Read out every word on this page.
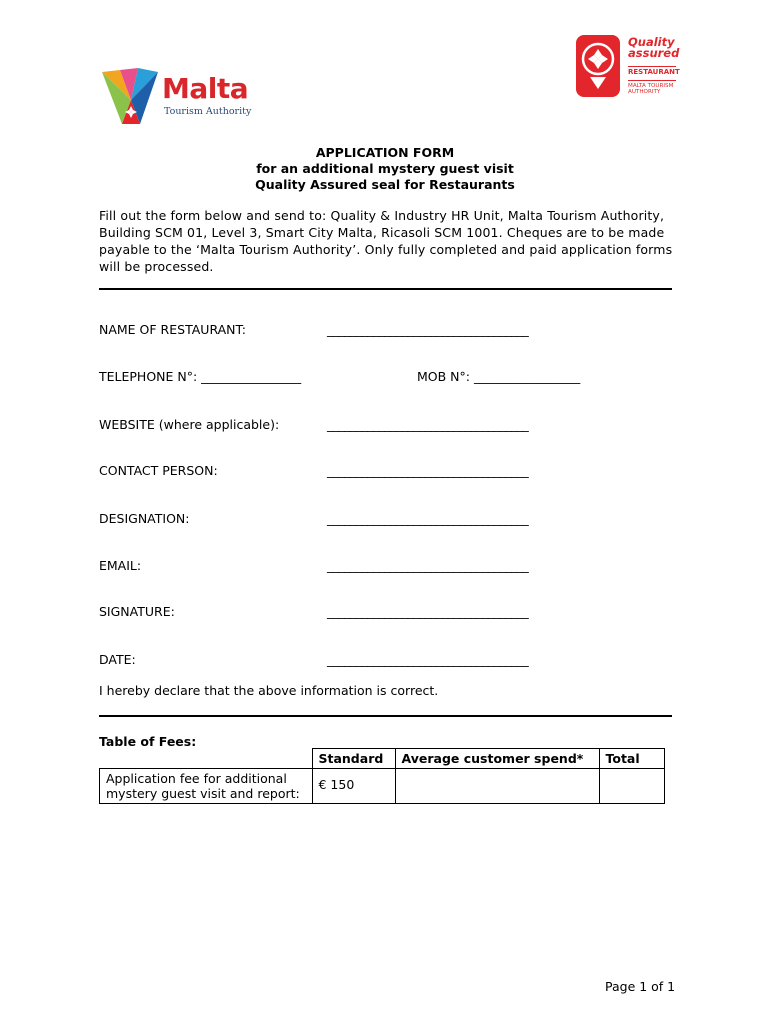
Malta
Tourism Authority
Quality
assured
RESTAURANT
MALTA TOURISM
AUTHORITY
APPLICATION FORM
for an additional mystery guest visit
Quality Assured seal for Restaurants
Fill out the form below and send to: Quality & Industry HR Unit, Malta Tourism Authority,
Building SCM 01, Level 3, Smart City Malta, Ricasoli SCM 1001. Cheques are to be made
payable to the ‘Malta Tourism Authority’. Only fully completed and paid application forms
will be processed.
NAME OF RESTAURANT:	___________________________________
TELEPHONE N°: ________________	MOB N°: _________________
WEBSITE (where applicable):	___________________________________
CONTACT PERSON:	___________________________________
DESIGNATION:	___________________________________
EMAIL:	___________________________________
SIGNATURE:	___________________________________
DATE:	___________________________________
I hereby declare that the above information is correct.
Table of Fees:
	Standard	Average customer spend*	Total

Application fee for additional
mystery guest visit and report:	€ 150		
Page 1 of 1
